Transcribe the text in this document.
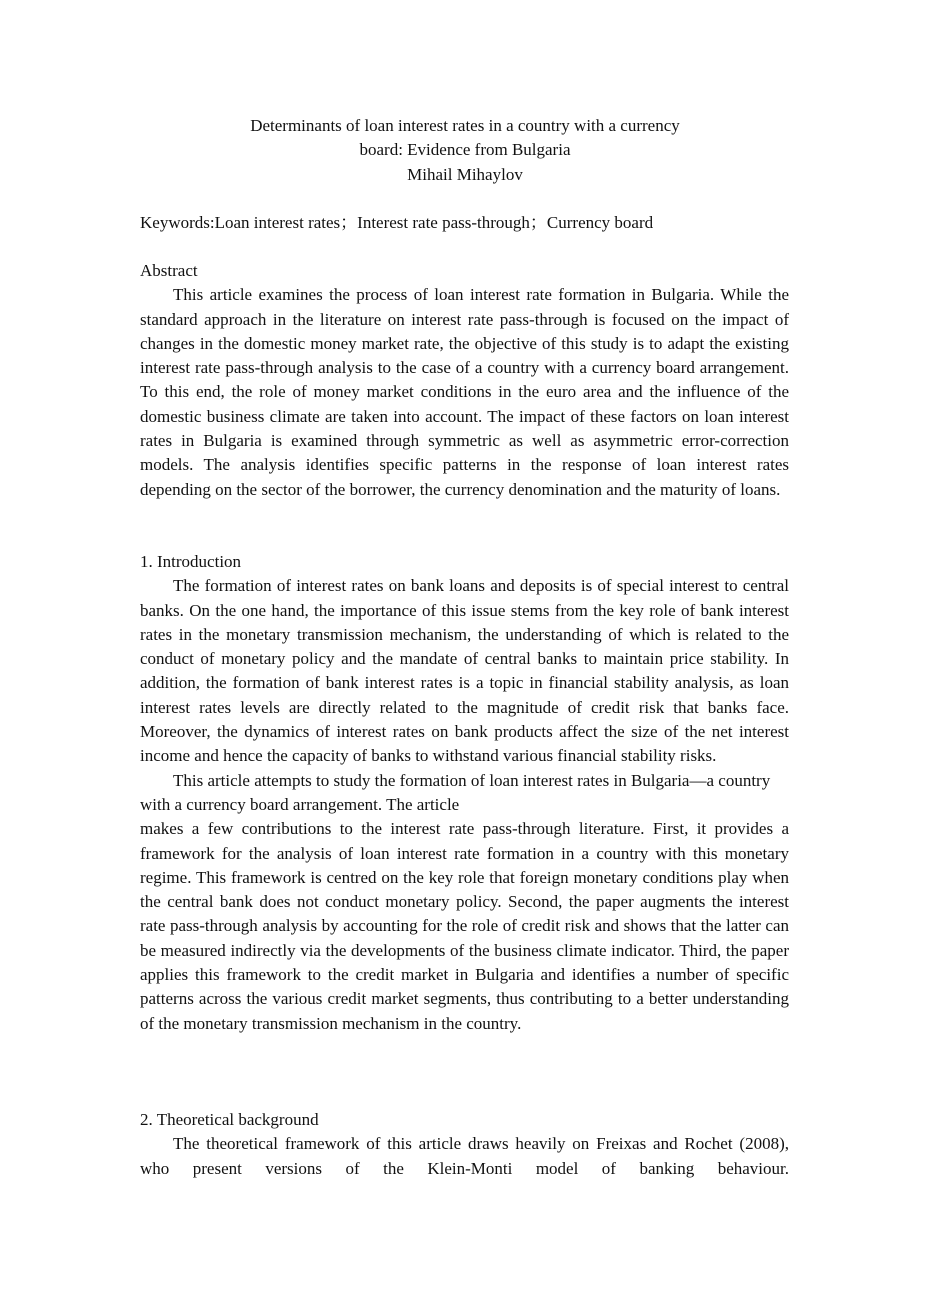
Determinants of loan interest rates in a country with a currency
board: Evidence from Bulgaria
Mihail Mihaylov
Keywords:Loan interest rates；Interest rate pass-through；Currency board
Abstract

This article examines the process of loan interest rate formation in Bulgaria. While the standard approach in the literature on interest rate pass-through is focused on the impact of changes in the domestic money market rate, the objective of this study is to adapt the existing interest rate pass-through analysis to the case of a country with a currency board arrangement. To this end, the role of money market conditions in the euro area and the influence of the domestic business climate are taken into account. The impact of these factors on loan interest rates in Bulgaria is examined through symmetric as well as asymmetric error-correction models. The analysis identifies specific patterns in the response of loan interest rates depending on the sector of the borrower, the currency denomination and the maturity of loans.

1. Introduction

The formation of interest rates on bank loans and deposits is of special interest to central banks. On the one hand, the importance of this issue stems from the key role of bank interest rates in the monetary transmission mechanism, the understanding of which is related to the conduct of monetary policy and the mandate of central banks to maintain price stability. In addition, the formation of bank interest rates is a topic in financial stability analysis, as loan interest rates levels are directly related to the magnitude of credit risk that banks face. Moreover, the dynamics of interest rates on bank products affect the size of the net interest income and hence the capacity of banks to withstand various financial stability risks.

This article attempts to study the formation of loan interest rates in Bulgaria—a country with a currency board arrangement. The article

makes a few contributions to the interest rate pass-through literature. First, it provides a framework for the analysis of loan interest rate formation in a country with this monetary regime. This framework is centred on the key role that foreign monetary conditions play when the central bank does not conduct monetary policy. Second, the paper augments the interest rate pass-through analysis by accounting for the role of credit risk and shows that the latter can be measured indirectly via the developments of the business climate indicator. Third, the paper applies this framework to the credit market in Bulgaria and identifies a number of specific patterns across the various credit market segments, thus contributing to a better understanding of the monetary transmission mechanism in the country.

2. Theoretical background

The theoretical framework of this article draws heavily on Freixas and Rochet (2008), who present versions of the Klein-Monti model of banking behaviour.
